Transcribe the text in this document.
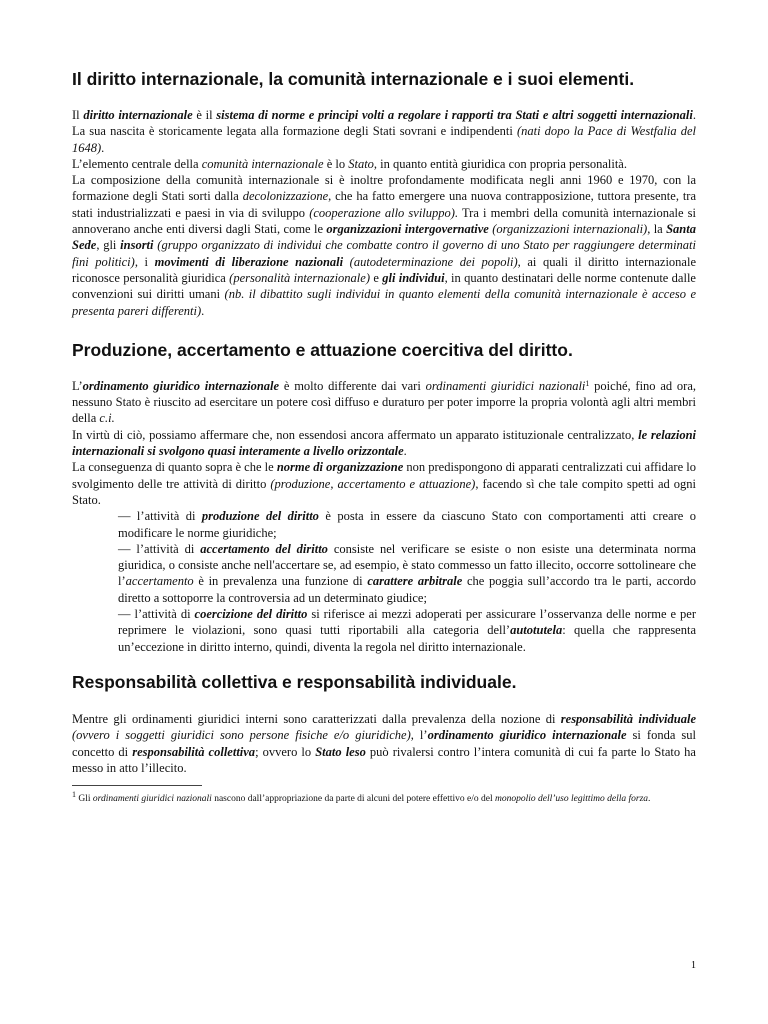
Il diritto internazionale, la comunità internazionale e i suoi elementi.

Il diritto internazionale è il sistema di norme e principi volti a regolare i rapporti tra Stati e altri soggetti internazionali. La sua nascita è storicamente legata alla formazione degli Stati sovrani e indipendenti (nati dopo la Pace di Westfalia del 1648).

L’elemento centrale della comunità internazionale è lo Stato, in quanto entità giuridica con propria personalità.

La composizione della comunità internazionale si è inoltre profondamente modificata negli anni 1960 e 1970, con la formazione degli Stati sorti dalla decolonizzazione, che ha fatto emergere una nuova contrapposizione, tuttora presente, tra stati industrializzati e paesi in via di sviluppo (cooperazione allo sviluppo). Tra i membri della comunità internazionale si annoverano anche enti diversi dagli Stati, come le organizzazioni intergovernative (organizzazioni internazionali), la Santa Sede, gli insorti (gruppo organizzato di individui che combatte contro il governo di uno Stato per raggiungere determinati fini politici), i movimenti di liberazione nazionali (autodeterminazione dei popoli), ai quali il diritto internazionale riconosce personalità giuridica (personalità internazionale) e gli individui, in quanto destinatari delle norme contenute dalle convenzioni sui diritti umani (nb. il dibattito sugli individui in quanto elementi della comunità internazionale è acceso e presenta pareri differenti).

Produzione, accertamento e attuazione coercitiva del diritto.

L’ordinamento giuridico internazionale è molto differente dai vari ordinamenti giuridici nazionali$^1$ poiché, fino ad ora, nessuno Stato è riuscito ad esercitare un potere così diffuso e duraturo per poter imporre la propria volontà agli altri membri della c.i.

In virtù di ciò, possiamo affermare che, non essendosi ancora affermato un apparato istituzionale centralizzato, le relazioni internazionali si svolgono quasi interamente a livello orizzontale.

La conseguenza di quanto sopra è che le norme di organizzazione non predispongono di apparati centralizzati cui affidare lo svolgimento delle tre attività di diritto (produzione, accertamento e attuazione), facendo sì che tale compito spetti ad ogni Stato.

— l’attività di produzione del diritto è posta in essere da ciascuno Stato con comportamenti atti creare o modificare le norme giuridiche;

— l’attività di accertamento del diritto consiste nel verificare se esiste o non esiste una determinata norma giuridica, o consiste anche nell'accertare se, ad esempio, è stato commesso un fatto illecito, occorre sottolineare che l’accertamento è in prevalenza una funzione di carattere arbitrale che poggia sull’accordo tra le parti, accordo diretto a sottoporre la controversia ad un determinato giudice;

— l’attività di coercizione del diritto si riferisce ai mezzi adoperati per assicurare l’osservanza delle norme e per reprimere le violazioni, sono quasi tutti riportabili alla categoria dell’autotutela: quella che rappresenta un’eccezione in diritto interno, quindi, diventa la regola nel diritto internazionale.

Responsabilità collettiva e responsabilità individuale.

Mentre gli ordinamenti giuridici interni sono caratterizzati dalla prevalenza della nozione di responsabilità individuale (ovvero i soggetti giuridici sono persone fisiche e/o giuridiche), l’ordinamento giuridico internazionale si fonda sul concetto di responsabilità collettiva; ovvero lo Stato leso può rivalersi contro l’intera comunità di cui fa parte lo Stato ha messo in atto l’illecito.

$^1$ Gli ordinamenti giuridici nazionali nascono dall’appropriazione da parte di alcuni del potere effettivo e/o del monopolio dell’uso legittimo della forza.

1
